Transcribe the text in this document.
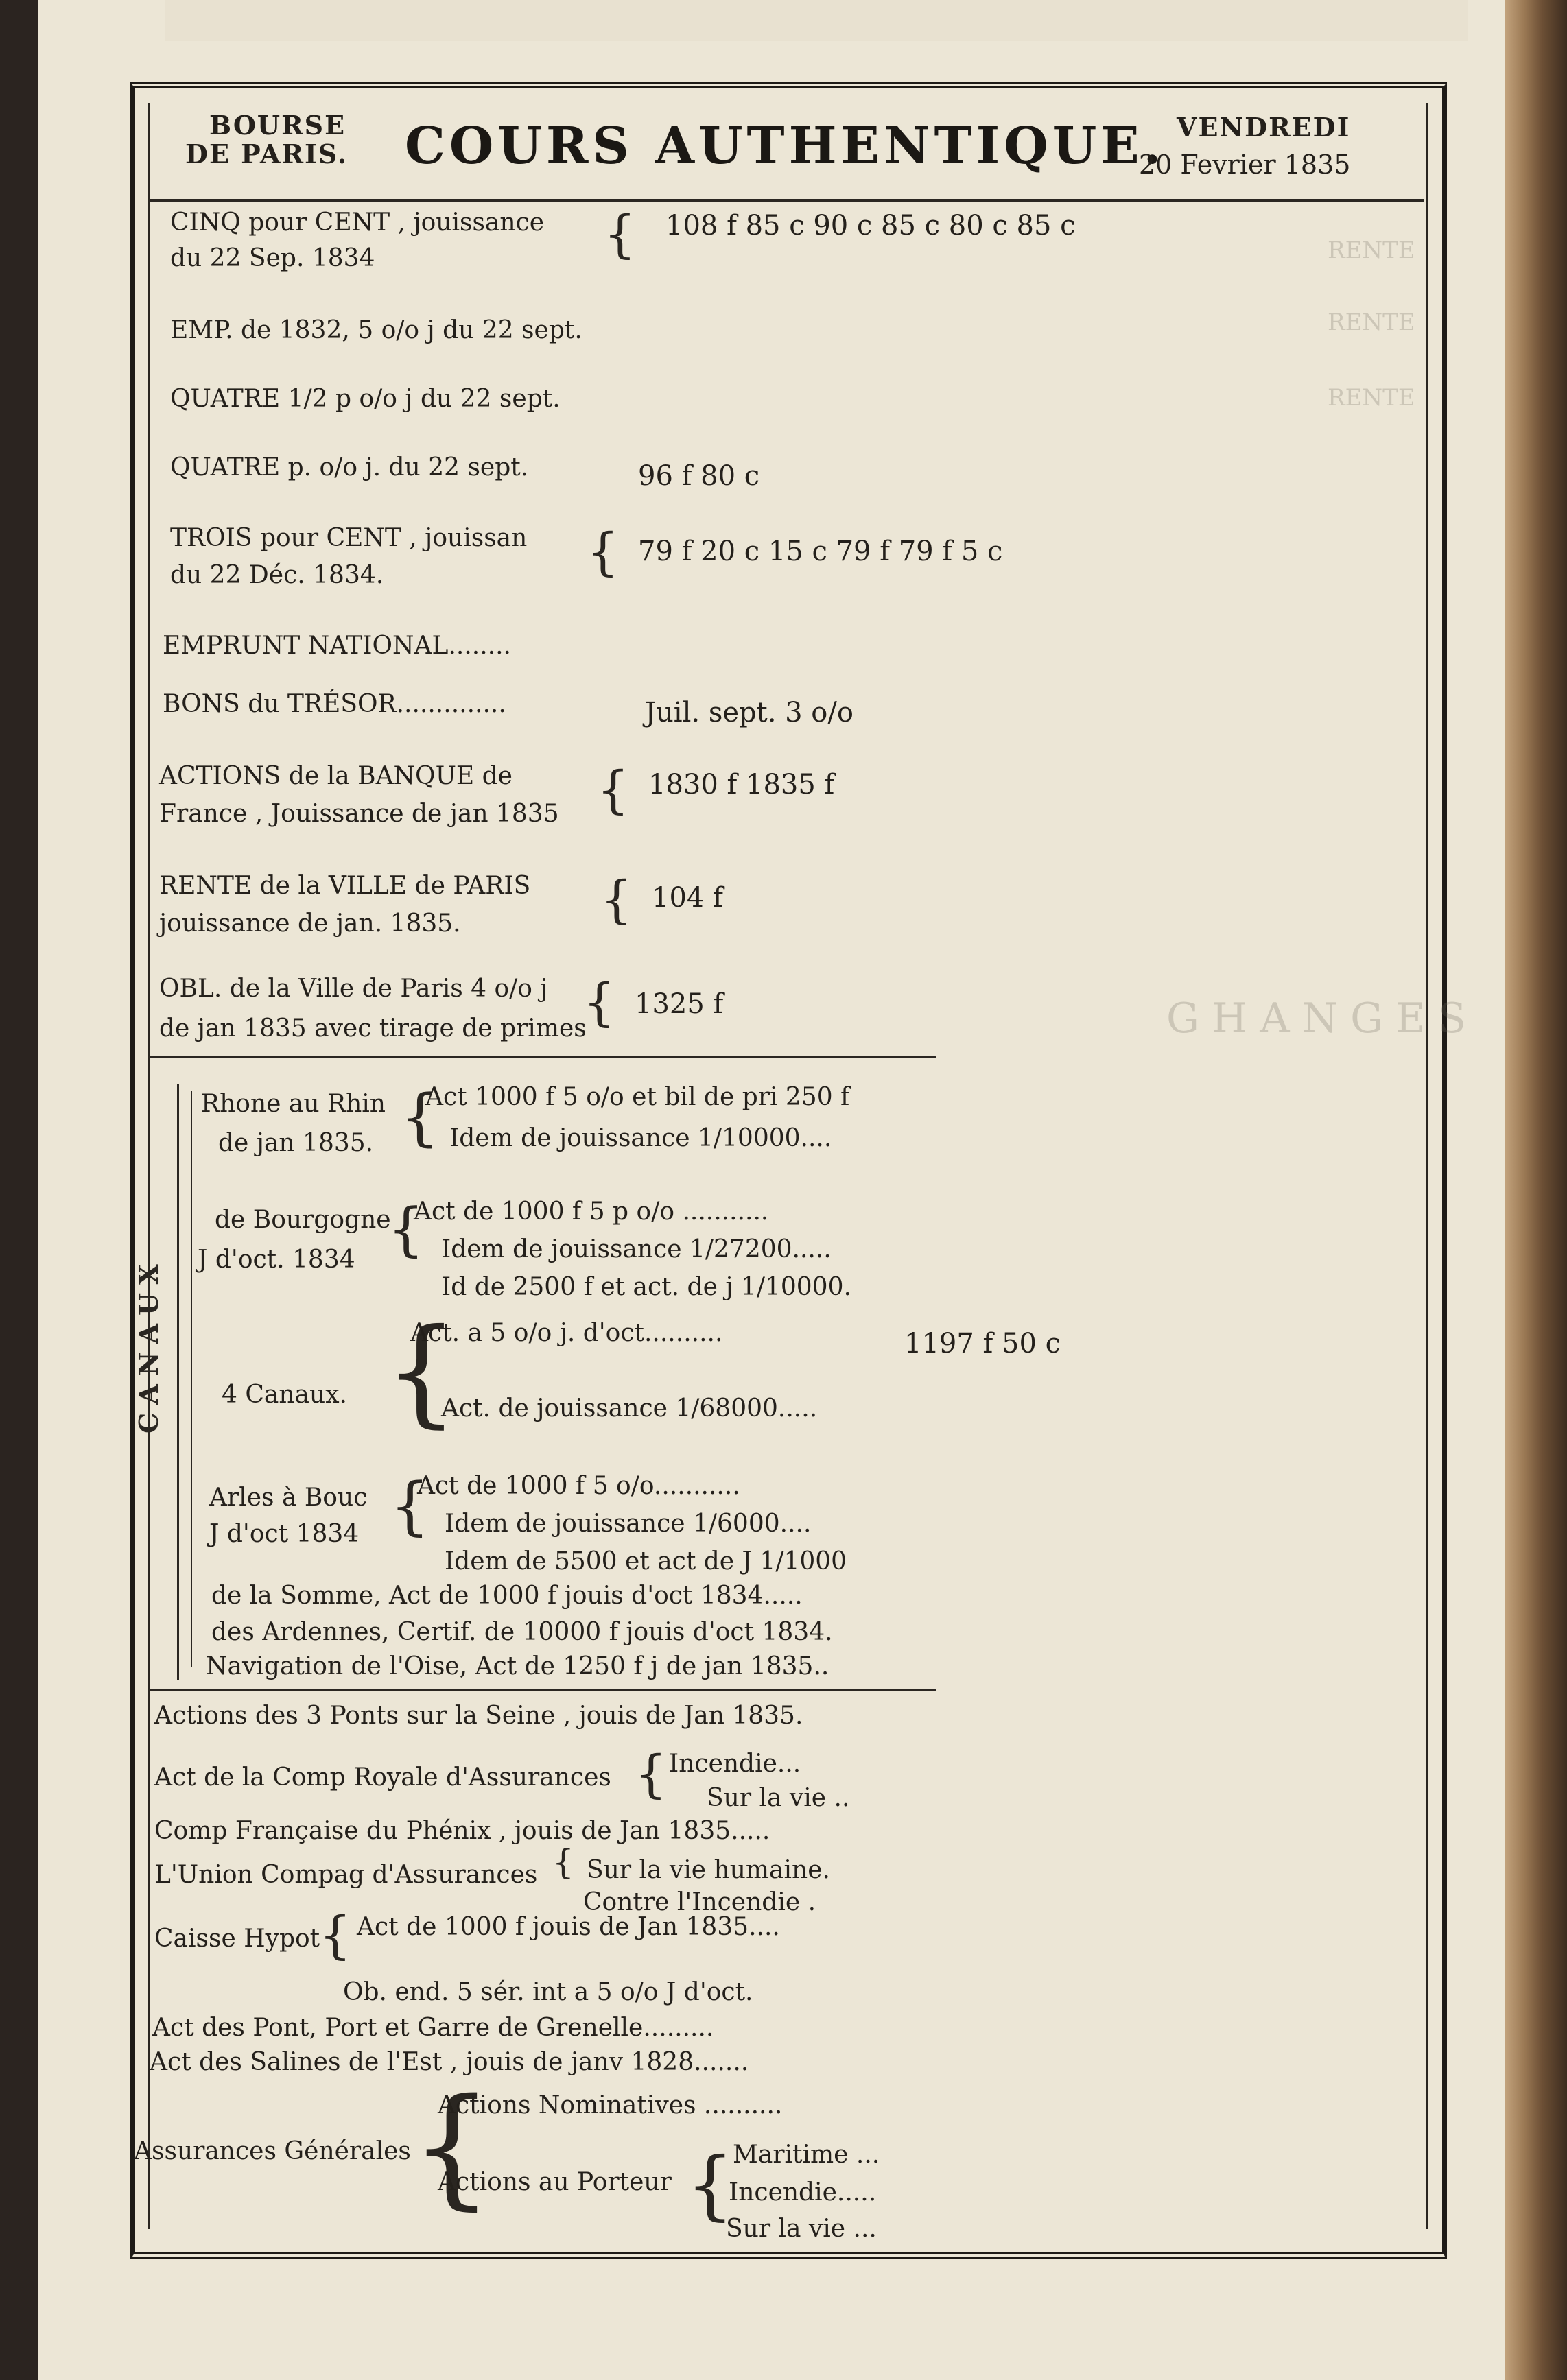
RENTE
RENTE
RENTE
GHANGES
BOURSE
DE PARIS. COURS AUTHENTIQUE. VENDREDI
20 Fevrier 1835
CINQ pour CENT , jouissance
du 22 Sep. 1834	{ 108 f 85 c 90 c 85 c 80 c 85 c
EMP. de 1832, 5 o/o j du 22 sept.
QUATRE 1/2 p o/o j du 22 sept.
QUATRE p. o/o j. du 22 sept.	96 f 80 c
TROIS pour CENT , jouissan
du 22 Déc. 1834.	{ 79 f 20 c 15 c 79 f 79 f 5 c
EMPRUNT NATIONAL........
BONS du TRÉSOR..............	Juil. sept. 3 o/o
ACTIONS de la BANQUE de
France , Jouissance de jan 1835 { 1830 f 1835 f
RENTE de la VILLE de PARIS
jouissance de jan. 1835.	{ 104 f
OBL. de la Ville de Paris 4 o/o j
de jan 1835 avec tirage de primes
{ 1325 f
CANAUX
Rhone au Rhin
de jan 1835. {
Act 1000 f 5 o/o et bil de pri 250 f
Idem de jouissance 1/10000....
de Bourgogne
J d'oct. 1834 {
Act de 1000 f 5 p o/o ...........
Idem de jouissance 1/27200.....
Id de 2500 f et act. de j 1/10000.
4 Canaux. {
Act. a 5 o/o j. d'oct..........
Act. de jouissance 1/68000.....
1197 f 50 c
Arles à Bouc
J d'oct 1834 {
Act de 1000 f 5 o/o...........
Idem de jouissance 1/6000....
Idem de 5500 et act de J 1/1000
de la Somme, Act de 1000 f jouis d'oct 1834.....
des Ardennes, Certif. de 10000 f jouis d'oct 1834.
Navigation de l'Oise, Act de 1250 f j de jan 1835..
Actions des 3 Ponts sur la Seine , jouis de Jan 1835.
Act de la Comp Royale d'Assurances { Incendie...
Sur la vie ..
Comp Française du Phénix , jouis de Jan 1835.....
L'Union Compag d'Assurances { Sur la vie humaine.
Contre l'Incendie .
Caisse Hypot
{ Act de 1000 f jouis de Jan 1835....
Ob. end. 5 sér. int a 5 o/o J d'oct.
Act des Pont, Port et Garre de Grenelle.........
Act des Salines de l'Est , jouis de janv 1828.......
Assurances Générales {
Actions Nominatives ..........
Actions au Porteur {
Maritime ...
Incendie.....
Sur la vie ...
